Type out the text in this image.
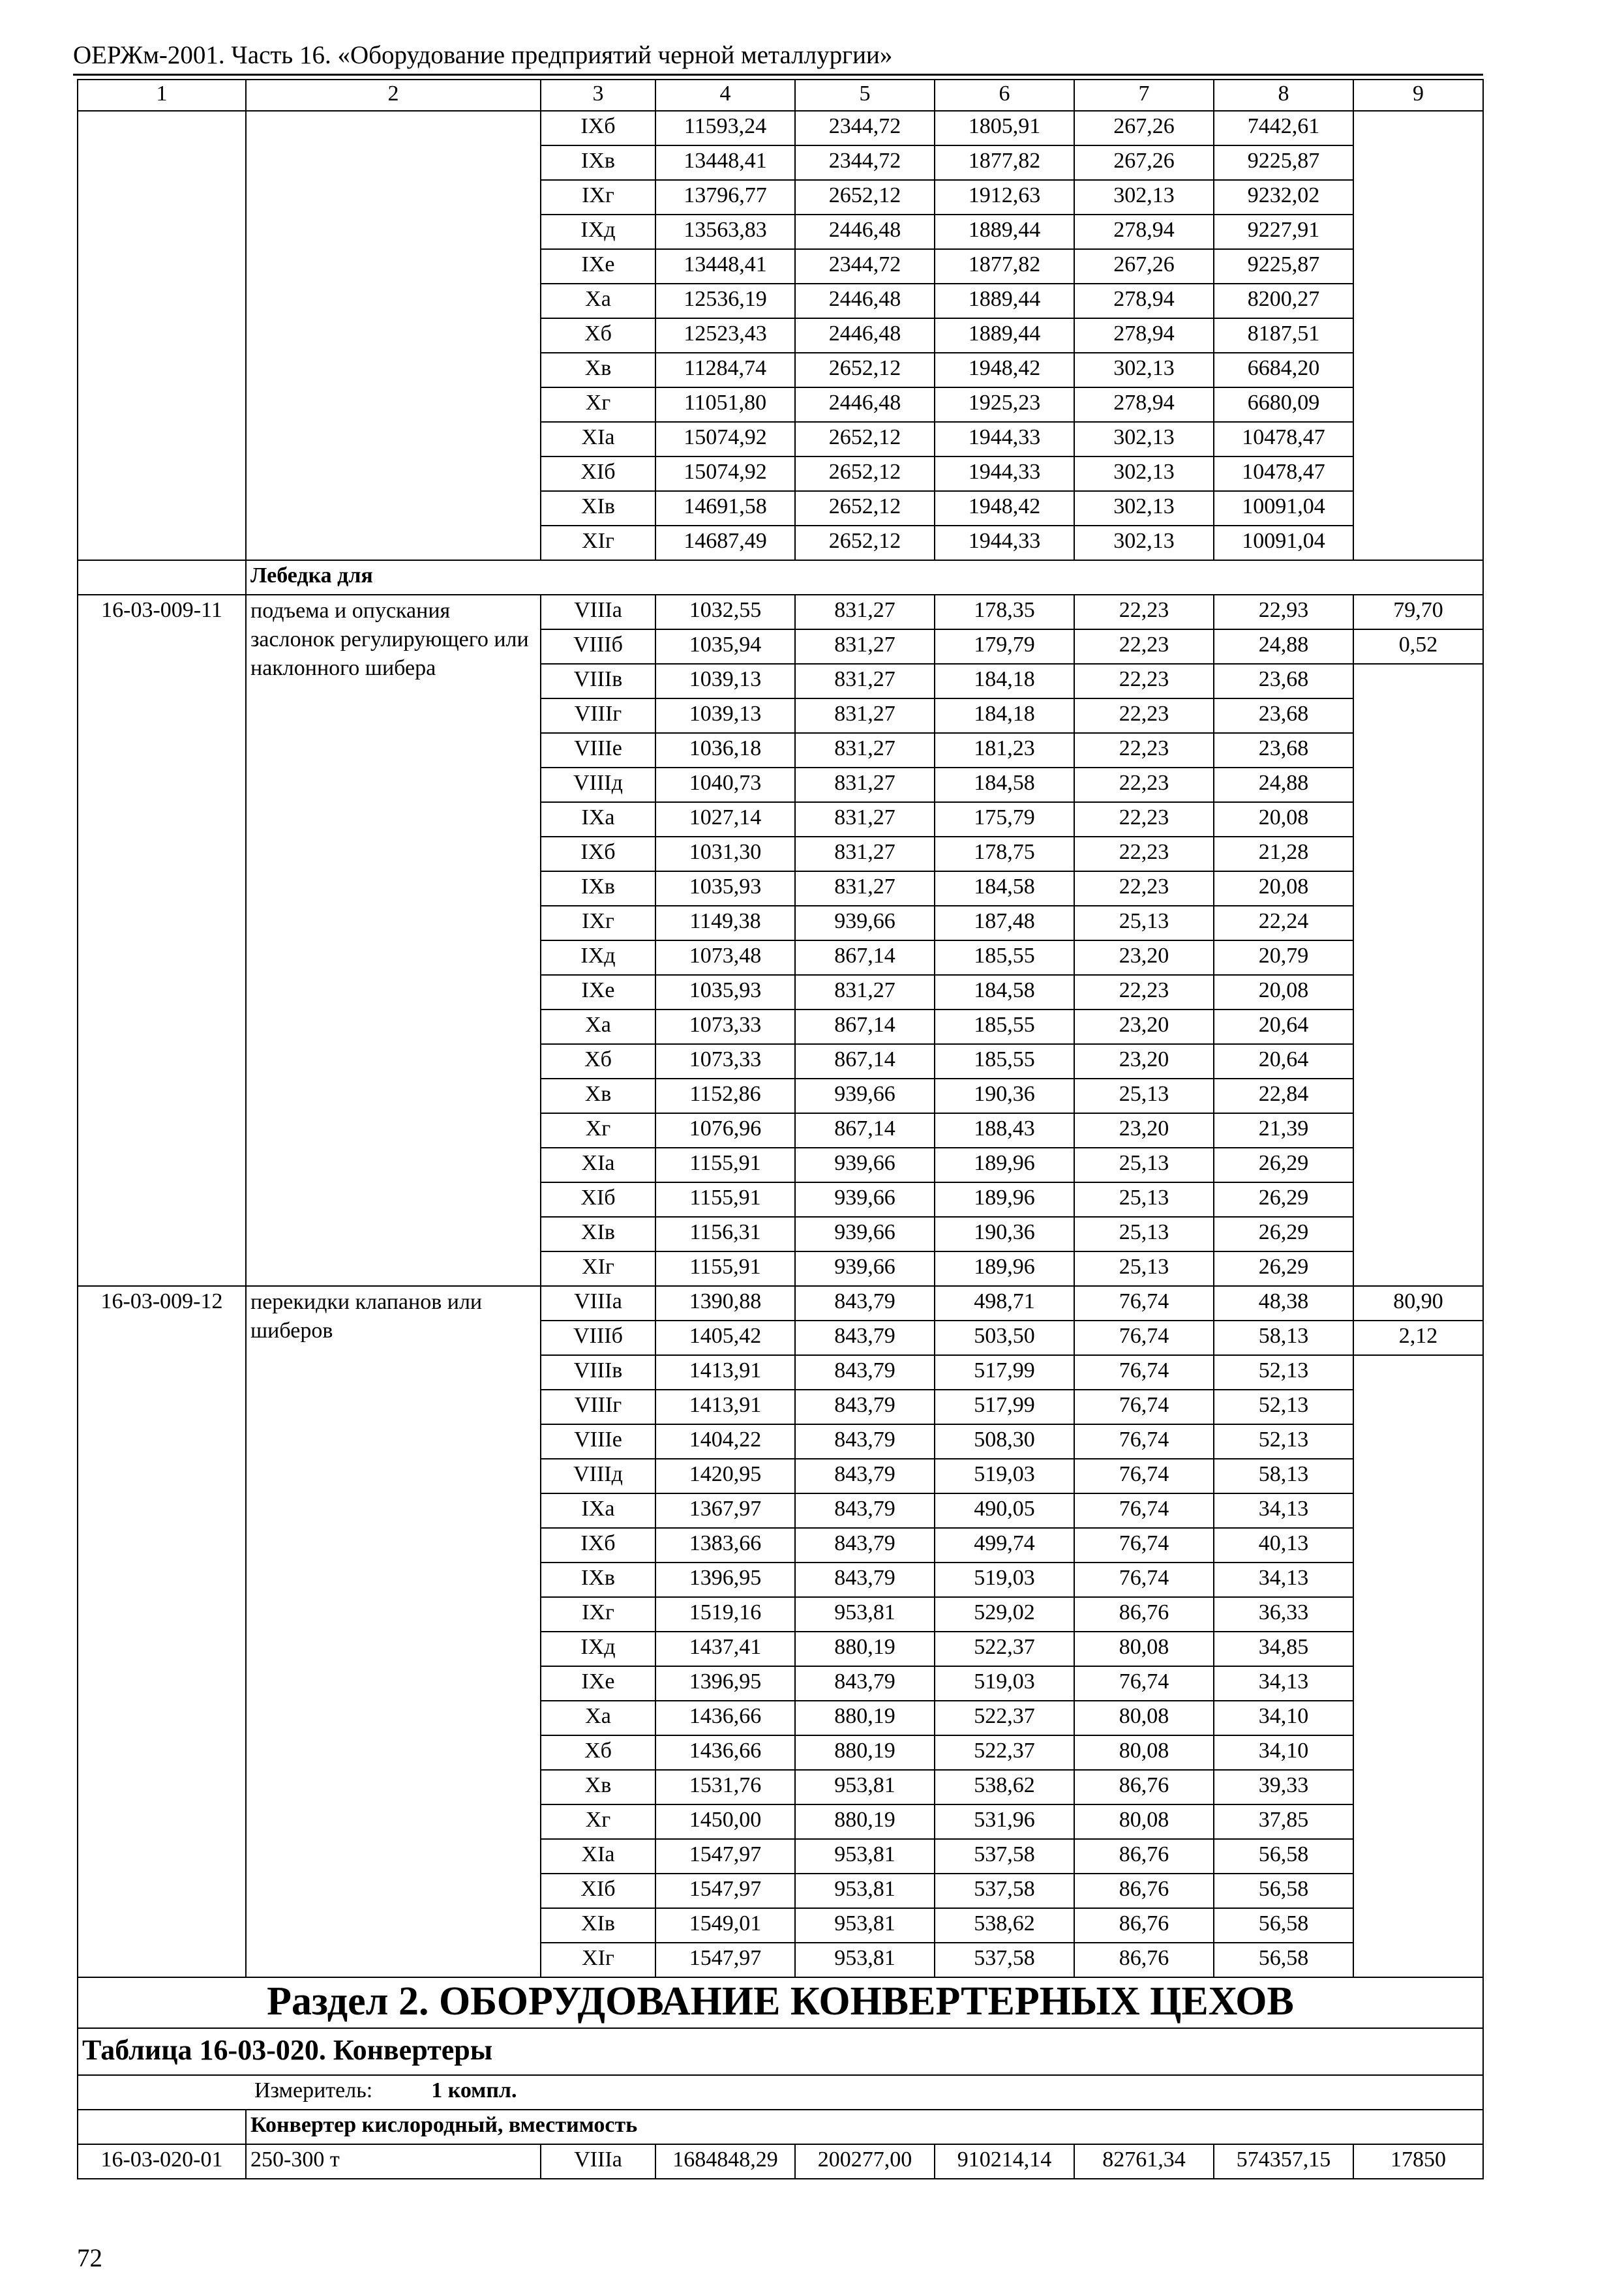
ОЕРЖм-2001. Часть 16. «Оборудование предприятий черной металлургии»
1	2	3	4	5	6	7	8	9
		IXб	11593,24	2344,72	1805,91	267,26	7442,61	
		IXв	13448,41	2344,72	1877,82	267,26	9225,87	
		IXг	13796,77	2652,12	1912,63	302,13	9232,02	
		IXд	13563,83	2446,48	1889,44	278,94	9227,91	
		IXе	13448,41	2344,72	1877,82	267,26	9225,87	
		Xа	12536,19	2446,48	1889,44	278,94	8200,27	
		Xб	12523,43	2446,48	1889,44	278,94	8187,51	
		Xв	11284,74	2652,12	1948,42	302,13	6684,20	
		Xг	11051,80	2446,48	1925,23	278,94	6680,09	
		XIа	15074,92	2652,12	1944,33	302,13	10478,47	
		XIб	15074,92	2652,12	1944,33	302,13	10478,47	
		XIв	14691,58	2652,12	1948,42	302,13	10091,04	
		XIг	14687,49	2652,12	1944,33	302,13	10091,04	
	Лебедка для							
16-03-009-11	подъема и опускания заслонок регулирующего или наклонного шибера	VIIIа	1032,55	831,27	178,35	22,23	22,93	79,70
		VIIIб	1035,94	831,27	179,79	22,23	24,88	0,52
		VIIIв	1039,13	831,27	184,18	22,23	23,68	
		VIIIг	1039,13	831,27	184,18	22,23	23,68	
		VIIIе	1036,18	831,27	181,23	22,23	23,68	
		VIIIд	1040,73	831,27	184,58	22,23	24,88	
		IXа	1027,14	831,27	175,79	22,23	20,08	
		IXб	1031,30	831,27	178,75	22,23	21,28	
		IXв	1035,93	831,27	184,58	22,23	20,08	
		IXг	1149,38	939,66	187,48	25,13	22,24	
		IXд	1073,48	867,14	185,55	23,20	20,79	
		IXе	1035,93	831,27	184,58	22,23	20,08	
		Xа	1073,33	867,14	185,55	23,20	20,64	
		Xб	1073,33	867,14	185,55	23,20	20,64	
		Xв	1152,86	939,66	190,36	25,13	22,84	
		Xг	1076,96	867,14	188,43	23,20	21,39	
		XIа	1155,91	939,66	189,96	25,13	26,29	
		XIб	1155,91	939,66	189,96	25,13	26,29	
		XIв	1156,31	939,66	190,36	25,13	26,29	
		XIг	1155,91	939,66	189,96	25,13	26,29	
16-03-009-12	перекидки клапанов или шиберов	VIIIа	1390,88	843,79	498,71	76,74	48,38	80,90
		VIIIб	1405,42	843,79	503,50	76,74	58,13	2,12
		VIIIв	1413,91	843,79	517,99	76,74	52,13	
		VIIIг	1413,91	843,79	517,99	76,74	52,13	
		VIIIе	1404,22	843,79	508,30	76,74	52,13	
		VIIIд	1420,95	843,79	519,03	76,74	58,13	
		IXа	1367,97	843,79	490,05	76,74	34,13	
		IXб	1383,66	843,79	499,74	76,74	40,13	
		IXв	1396,95	843,79	519,03	76,74	34,13	
		IXг	1519,16	953,81	529,02	86,76	36,33	
		IXд	1437,41	880,19	522,37	80,08	34,85	
		IXе	1396,95	843,79	519,03	76,74	34,13	
		Xа	1436,66	880,19	522,37	80,08	34,10	
		Xб	1436,66	880,19	522,37	80,08	34,10	
		Xв	1531,76	953,81	538,62	86,76	39,33	
		Xг	1450,00	880,19	531,96	80,08	37,85	
		XIа	1547,97	953,81	537,58	86,76	56,58	
		XIб	1547,97	953,81	537,58	86,76	56,58	
		XIв	1549,01	953,81	538,62	86,76	56,58	
		XIг	1547,97	953,81	537,58	86,76	56,58	
Раздел 2. ОБОРУДОВАНИЕ КОНВЕРТЕРНЫХ ЦЕХОВ								
Таблица 16-03-020. Конвертеры								
Измеритель: 1 компл.								
	Конвертер кислородный, вместимость							
16-03-020-01	250-300 т	VIIIа	1684848,29	200277,00	910214,14	82761,34	574357,15	17850
72
